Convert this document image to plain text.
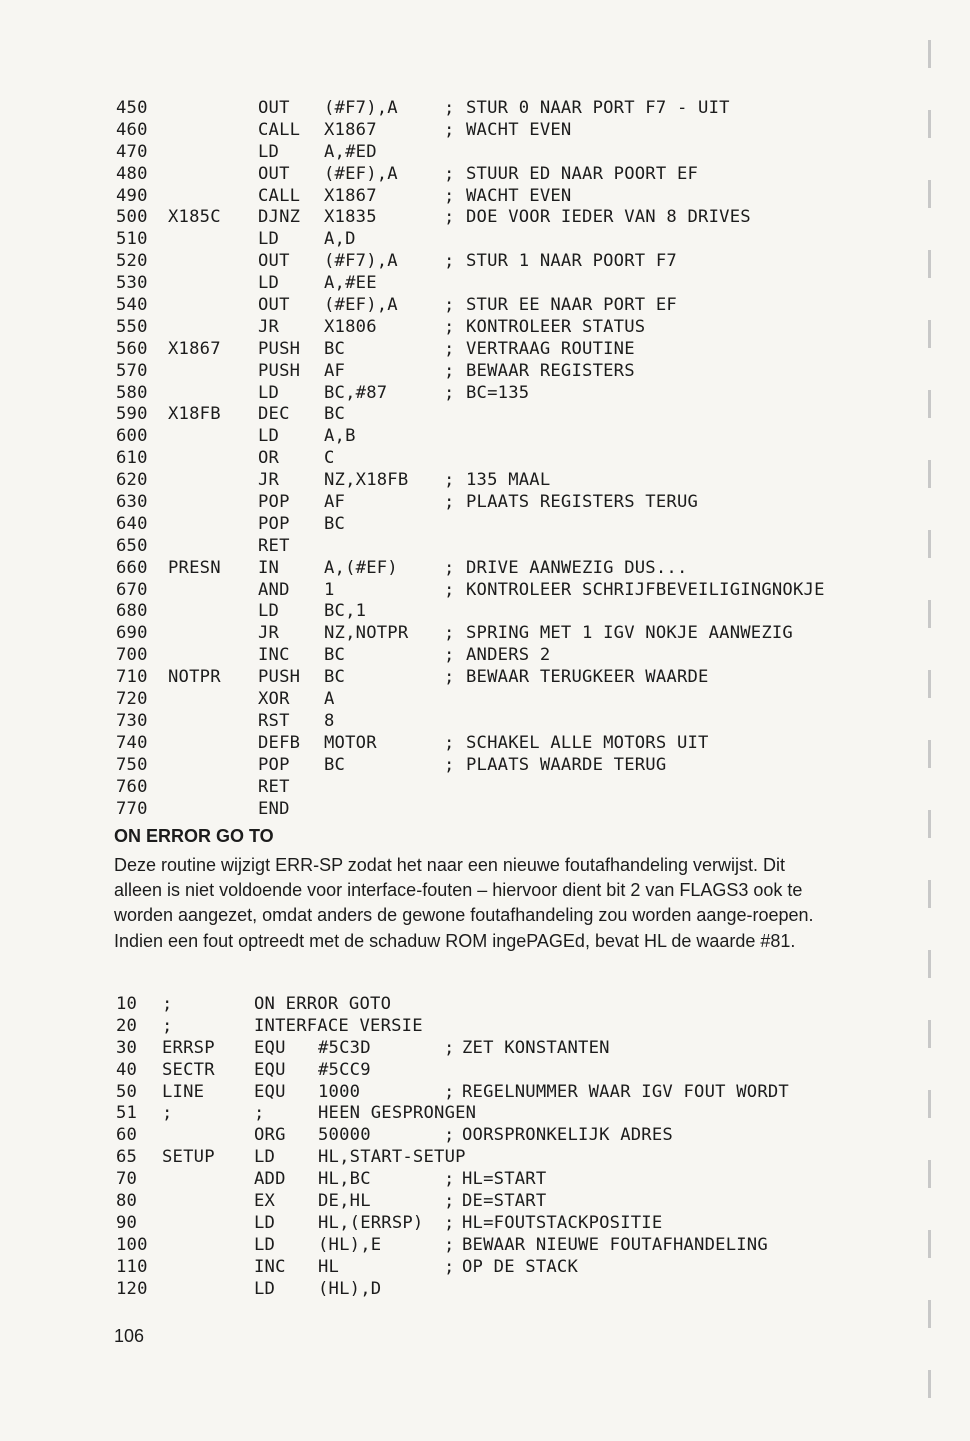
450	OUT (#F7),A	; STUR 0 NAAR PORT F7 - UIT
460	CALL X1867	; WACHT EVEN
470	LD	A,#ED
480	OUT (#EF),A	; STUUR ED NAAR POORT EF
490	CALL X1867	; WACHT EVEN
500 X185C DJNZ X1835	; DOE VOOR IEDER VAN 8 DRIVES
510	LD	A,D
520	OUT (#F7),A	; STUR 1 NAAR POORT F7
530	LD	A,#EE
540	OUT (#EF),A	; STUR EE NAAR PORT EF
550	JR	X1806	; KONTROLEER STATUS
560 X1867 PUSH BC	; VERTRAAG ROUTINE
570	PUSH AF	; BEWAAR REGISTERS
580	LD	BC,#87	; BC=135
590 X18FB DEC BC
600	LD	A,B
610	OR	C
620	JR	NZ,X18FB ; 135 MAAL
630	POP AF	; PLAATS REGISTERS TERUG
640	POP BC
650	RET
660 PRESN IN	A,(#EF)	; DRIVE AANWEZIG DUS...
670	AND 1	; KONTROLEER SCHRIJFBEVEILIGINGNOKJE
680	LD	BC,1
690	JR	NZ,NOTPR ; SPRING MET 1 IGV NOKJE AANWEZIG
700	INC BC	; ANDERS 2
710 NOTPR PUSH BC	; BEWAAR TERUGKEER WAARDE
720	XOR A
730	RST 8
740	DEFB MOTOR	; SCHAKEL ALLE MOTORS UIT
750	POP BC	; PLAATS WAARDE TERUG
760	RET
770	END
ON ERROR GO TO
Deze routine wijzigt ERR-SP zodat het naar een nieuwe foutafhandeling verwijst. Dit alleen is niet voldoende voor interface-fouten – hiervoor dient bit 2 van FLAGS3 ook te worden aangezet, omdat anders de gewone foutafhandeling zou worden aange-roepen. Indien een fout optreedt met de schaduw ROM ingePAGEd, bevat HL de waarde #81.
10 ;	ON ERROR GOTO
20 ;	INTERFACE VERSIE
30 ERRSP EQU #5C3D	; ZET KONSTANTEN
40 SECTR EQU #5CC9
50 LINE	EQU 1000	; REGELNUMMER WAAR IGV FOUT WORDT
51 ;	;	HEEN GESPRONGEN
60	ORG 50000	; OORSPRONKELIJK ADRES
65 SETUP LD HL,START-SETUP
70	ADD HL,BC	; HL=START
80	EX DE,HL	; DE=START
90	LD HL,(ERRSP) ; HL=FOUTSTACKPOSITIE
100	LD (HL),E	; BEWAAR NIEUWE FOUTAFHANDELING
110	INC HL	; OP DE STACK
120	LD (HL),D
106
